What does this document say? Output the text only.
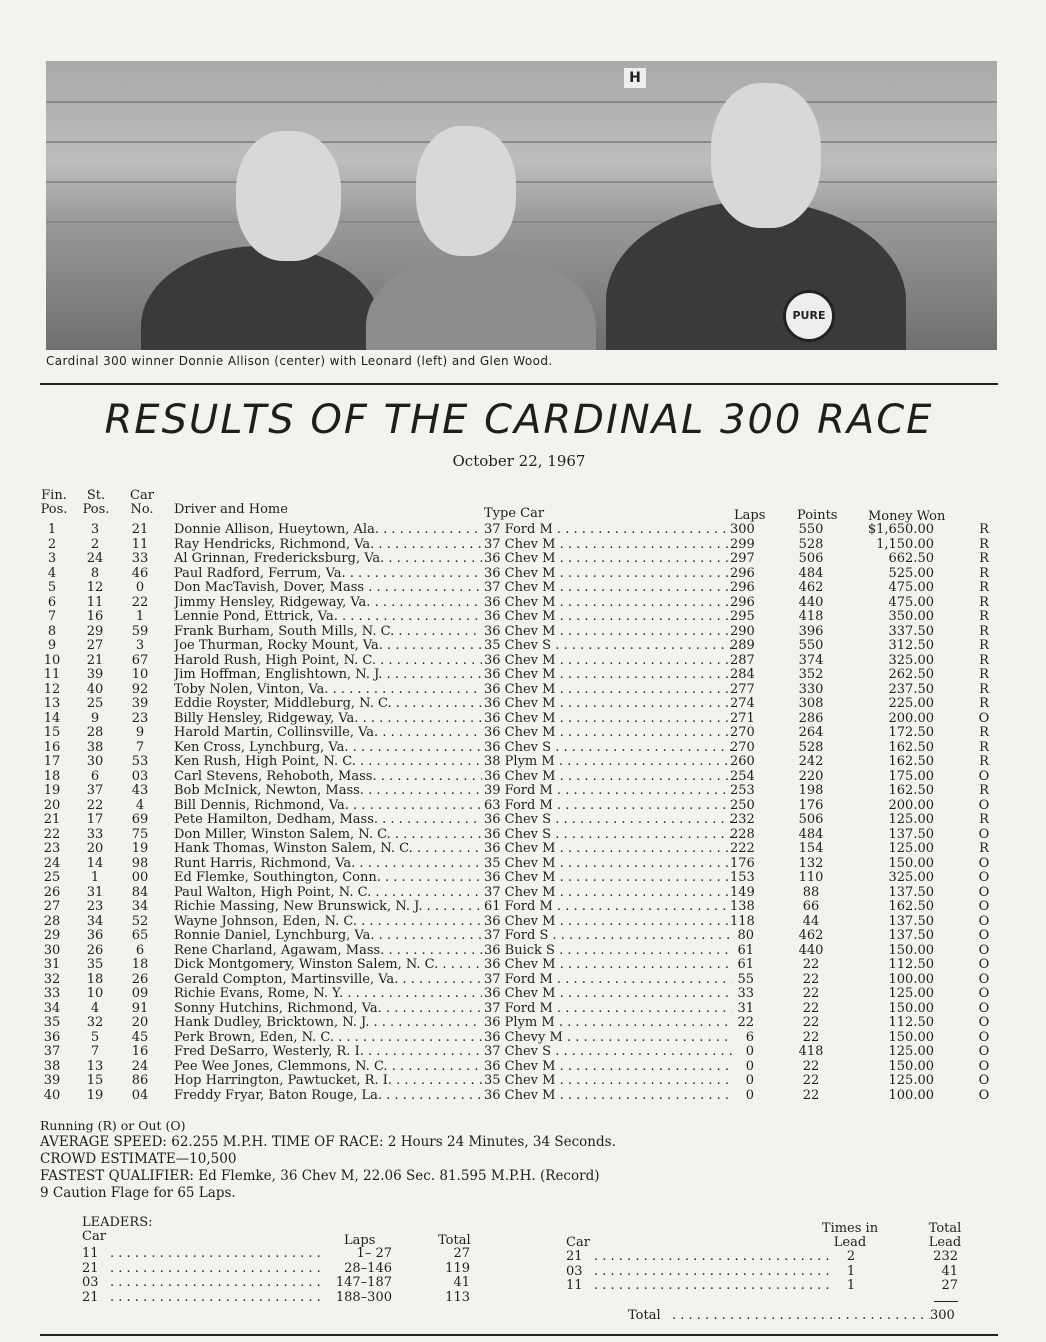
H
PURE
Cardinal 300 winner Donnie Allison (center) with Leonard (left) and Glen Wood.
RESULTS OF THE CARDINAL 300 RACE
October 22, 1967
Fin.
Pos.
St.
Pos.
Car
No. Driver and Home	Type Car	Laps Points Money Won
1	3	21 Donnie Allison, Hueytown, Ala. . . .	37 Ford M . . .	300	550	$1,650.00	R
2	2	11 Ray Hendricks, Richmond, Va. . . .	37 Chev M . . .	299	528	1,150.00	R
3	24	33 Al Grinnan, Fredericksburg, Va. . . .	36 Chev M . . .	297	506	662.50	R
4	8	46 Paul Radford, Ferrum, Va. . . .	36 Chev M . . .	296	484	525.00	R
5	12	0	Don MacTavish, Dover, Mass . . .	37 Chev M . . .	296	462	475.00	R
6	11	22 Jimmy Hensley, Ridgeway, Va. . . .	36 Chev M . . .	296	440	475.00	R
7	16	1	Lennie Pond, Ettrick, Va. . . .	36 Chev M . . .	295	418	350.00	R
8	29	59 Frank Burham, South Mills, N. C. . . .	36 Chev M . . .	290	396	337.50	R
9	27	3	Joe Thurman, Rocky Mount, Va. . . .	35 Chev S . . .	289	550	312.50	R
10	21	67 Harold Rush, High Point, N. C. . . .	36 Chev M . . .	287	374	325.00	R
11	39	10 Jim Hoffman, Englishtown, N. J. . . .	36 Chev M . . .	284	352	262.50	R
12	40	92 Toby Nolen, Vinton, Va. . . .	36 Chev M . . .	277	330	237.50	R
13	25	39 Eddie Royster, Middleburg, N. C. . . .	36 Chev M . . .	274	308	225.00	R
14	9	23 Billy Hensley, Ridgeway, Va. . . .	36 Chev M . . .	271	286	200.00	O
15	28	9	Harold Martin, Collinsville, Va. . . .	36 Chev M . . .	270	264	172.50	R
16	38	7	Ken Cross, Lynchburg, Va. . . .	36 Chev S . . .	270	528	162.50	R
17	30	53 Ken Rush, High Point, N. C. . . .	38 Plym M . . .	260	242	162.50	R
18	6	03 Carl Stevens, Rehoboth, Mass. . . .	36 Chev M . . .	254	220	175.00	O
19	37	43 Bob McInick, Newton, Mass. . . .	39 Ford M . . .	253	198	162.50	R
20	22	4	Bill Dennis, Richmond, Va. . . .	63 Ford M . . .	250	176	200.00	O
21	17	69 Pete Hamilton, Dedham, Mass. . . .	36 Chev S . . .	232	506	125.00	R
22	33	75 Don Miller, Winston Salem, N. C. . . .	36 Chev S . . .	228	484	137.50	O
23	20	19 Hank Thomas, Winston Salem, N. C. . . .	36 Chev M . . .	222	154	125.00	R
24	14	98 Runt Harris, Richmond, Va. . . .	35 Chev M . . .	176	132	150.00	O
25	1	00 Ed Flemke, Southington, Conn. . . .	36 Chev M . . .	153	110	325.00	O
26	31	84 Paul Walton, High Point, N. C. . . .	37 Chev M . . .	149	88	137.50	O
27	23	34 Richie Massing, New Brunswick, N. J. . . .	61 Ford M . . .	138	66	162.50	O
28	34	52 Wayne Johnson, Eden, N. C. . . .	36 Chev M . . .	118	44	137.50	O
29	36	65 Ronnie Daniel, Lynchburg, Va. . . .	37 Ford S . . .	80	462	137.50	O
30	26	6	Rene Charland, Agawam, Mass. . . .	36 Buick S . . .	61	440	150.00	O
31	35	18 Dick Montgomery, Winston Salem, N. C. . . .	36 Chev M . . .	61	22	112.50	O
32	18	26 Gerald Compton, Martinsville, Va. . . .	37 Ford M . . .	55	22	100.00	O
33	10	09 Richie Evans, Rome, N. Y. . . .	36 Chev M . . .	33	22	125.00	O
34	4	91 Sonny Hutchins, Richmond, Va. . . .	37 Ford M . . .	31	22	150.00	O
35	32	20 Hank Dudley, Bricktown, N. J. . . .	36 Plym M . . .	22	22	112.50	O
36	5	45 Perk Brown, Eden, N. C. . . .	36 Chevy M . . .	6	22	150.00	O
37	7	16 Fred DeSarro, Westerly, R. I. . . .	37 Chev S . . .	0	418	125.00	O
38	13	24 Pee Wee Jones, Clemmons, N. C. . . .	36 Chev M . . .	0	22	150.00	O
39	15	86 Hop Harrington, Pawtucket, R. I. . . .	35 Chev M . . .	0	22	125.00	O
40	19	04 Freddy Fryar, Baton Rouge, La. . . .	36 Chev M . . .	0	22	100.00	O
Running (R) or Out (O)
AVERAGE SPEED: 62.255 M.P.H. TIME OF RACE: 2 Hours 24 Minutes, 34 Seconds.
CROWD ESTIMATE—10,500
FASTEST QUALIFIER: Ed Flemke, 36 Chev M, 22.06 Sec. 81.595 M.P.H. (Record)
9 Caution Flage for 65 Laps.
LEADERS:
Car	Laps	Total
11 . . .	1– 27	27
21 . . .	28–146	119
03 . . .	147–187	41
21 . . .	188–300	113
Car
Times in
Lead
Total
Lead
21 . . .	2	232
03 . . .	1	41
11 . . .	1	27
Total . . .	300
